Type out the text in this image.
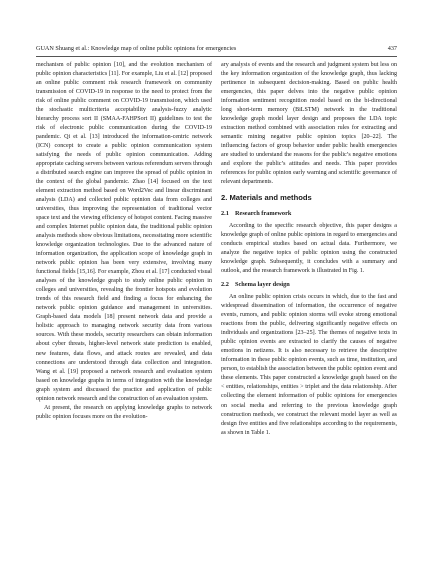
GUAN Shuang et al.: Knowledge map of online public opinions for emergencies	437

mechanism of public opinion [10], and the evolution mechanism of public opinion characteristics [11]. For example, Liu et al. [12] proposed an online public comment risk research framework on community transmission of COVID-19 in response to the need to protect from the risk of online public comment on COVID-19 transmission, which used the stochastic multicriteria acceptability analysis-fuzzy analytic hierarchy process sort II (SMAA-FAHPSort II) guidelines to test the risk of electronic public communication during the COVID-19 pandemic. Qi et al. [13] introduced the information-centric network (ICN) concept to create a public opinion communication system satisfying the needs of public opinion communication. Adding appropriate caching servers between various referendum servers through a distributed search engine can improve the spread of public opinion in the context of the global pandemic. Zhao [14] focused on the text element extraction method based on Word2Vec and linear discriminant analysis (LDA) and collected public opinion data from colleges and universities, thus improving the representation of traditional vector space text and the viewing efficiency of hotspot content. Facing massive and complex Internet public opinion data, the traditional public opinion analysis methods show obvious limitations, necessitating more scientific knowledge organization technologies. Due to the advanced nature of information organization, the application scope of knowledge graph in network public opinion has been very extensive, involving many functional fields [15,16]. For example, Zhou et al. [17] conducted visual analyses of the knowledge graph to study online public opinion in colleges and universities, revealing the frontier hotspots and evolution trends of this research field and finding a focus for enhancing the network public opinion guidance and management in universities. Graph-based data models [18] present network data and provide a holistic approach to managing network security data from various sources. With these models, security researchers can obtain information about cyber threats, higher-level network state prediction is enabled, new features, data flows, and attack routes are revealed, and data connections are understood through data collection and integration. Wang et al. [19] proposed a network research and evaluation system based on knowledge graphs in terms of integration with the knowledge graph system and discussed the practice and application of public opinion network research and the construction of an evaluation system.

At present, the research on applying knowledge graphs to network public opinion focuses more on the evolution-

ary analysis of events and the research and judgment system but less on the key information organization of the knowledge graph, thus lacking pertinence in subsequent decision-making. Based on public health emergencies, this paper delves into the negative public opinion information sentiment recognition model based on the bi-directional long short-term memory (BiLSTM) network in the traditional knowledge graph model layer design and proposes the LDA topic extraction method combined with association rules for extracting and semantic mining negative public opinion topics [20–22]. The influencing factors of group behavior under public health emergencies are studied to understand the reasons for the public’s negative emotions and explore the public’s attitudes and needs. This paper provides references for public opinion early warning and scientific governance of relevant departments.

2. Materials and methods
2.1 Research framework

According to the specific research objective, this paper designs a knowledge graph of online public opinions in regard to emergencies and conducts empirical studies based on actual data. Furthermore, we analyze the negative topics of public opinion using the constructed knowledge graph. Subsequently, it concludes with a summary and outlook, and the research framework is illustrated in Fig. 1.

2.2 Schema layer design

An online public opinion crisis occurs in which, due to the fast and widespread dissemination of information, the occurrence of negative events, rumors, and public opinion storms will evoke strong emotional reactions from the public, delivering significantly negative effects on individuals and organizations [23–25]. The themes of negative texts in public opinion events are extracted to clarify the causes of negative emotions in netizens. It is also necessary to retrieve the descriptive information in these public opinion events, such as time, institution, and person, to establish the association between the public opinion event and these elements. This paper constructed a knowledge graph based on the < entities, relationships, entities > triplet and the data relationship. After collecting the element information of public opinions for emergencies on social media and referring to the previous knowledge graph construction methods, we construct the relevant model layer as well as design five entities and five relationships according to the requirements, as shown in Table 1.
